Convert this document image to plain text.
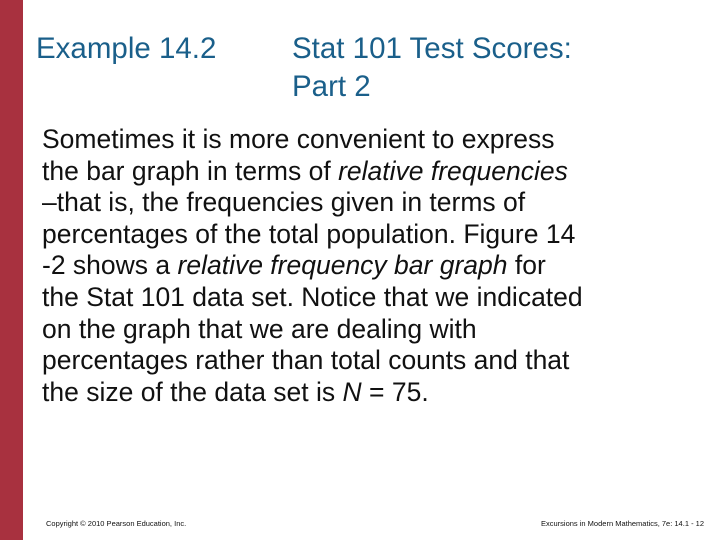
Example 14.2	Stat 101 Test Scores:
Part 2
Sometimes it is more convenient to express
the bar graph in terms of relative frequencies
–that is, the frequencies given in terms of
percentages of the total population. Figure 14
-2 shows a relative frequency bar graph for
the Stat 101 data set. Notice that we indicated
on the graph that we are dealing with
percentages rather than total counts and that
the size of the data set is N = 75.
Copyright © 2010 Pearson Education, Inc.	Excursions in Modern Mathematics, 7e: 14.1 - 12
